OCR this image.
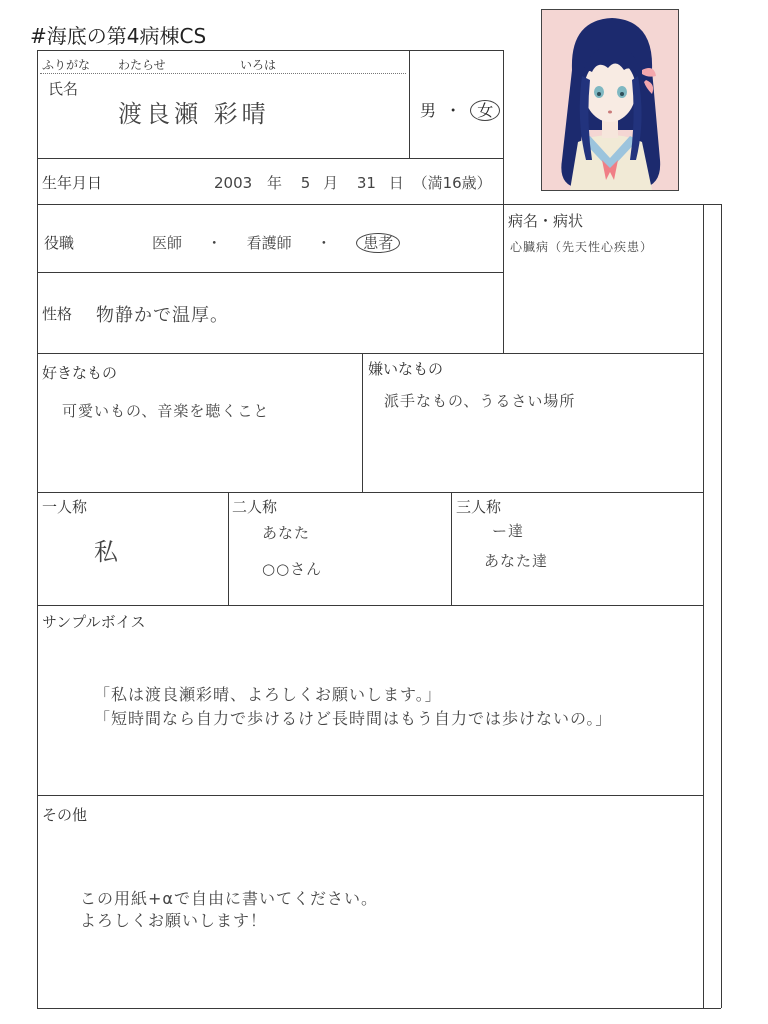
#海底の第4病棟CS
ふりがな わたらせ	いろは
氏名
渡良瀬 彩晴	男 ・ 女
生年月日	2003 年 5 月 31 日 （満16歳）
役職	医師 ・ 看護師 ・ 患者
病名・病状
心臓病（先天性心疾患）
性格 物静かで温厚。
好きなもの
可愛いもの、音楽を聴くこと
嫌いなもの
派手なもの、うるさい場所
一人称
私
二人称
あなた
○○さん
三人称
ー達
あなた達
サンプルボイス
「私は渡良瀬彩晴、よろしくお願いします。」
「短時間なら自力で歩けるけど長時間はもう自力では歩けないの。」
その他
この用紙+αで自由に書いてください。
よろしくお願いします！
